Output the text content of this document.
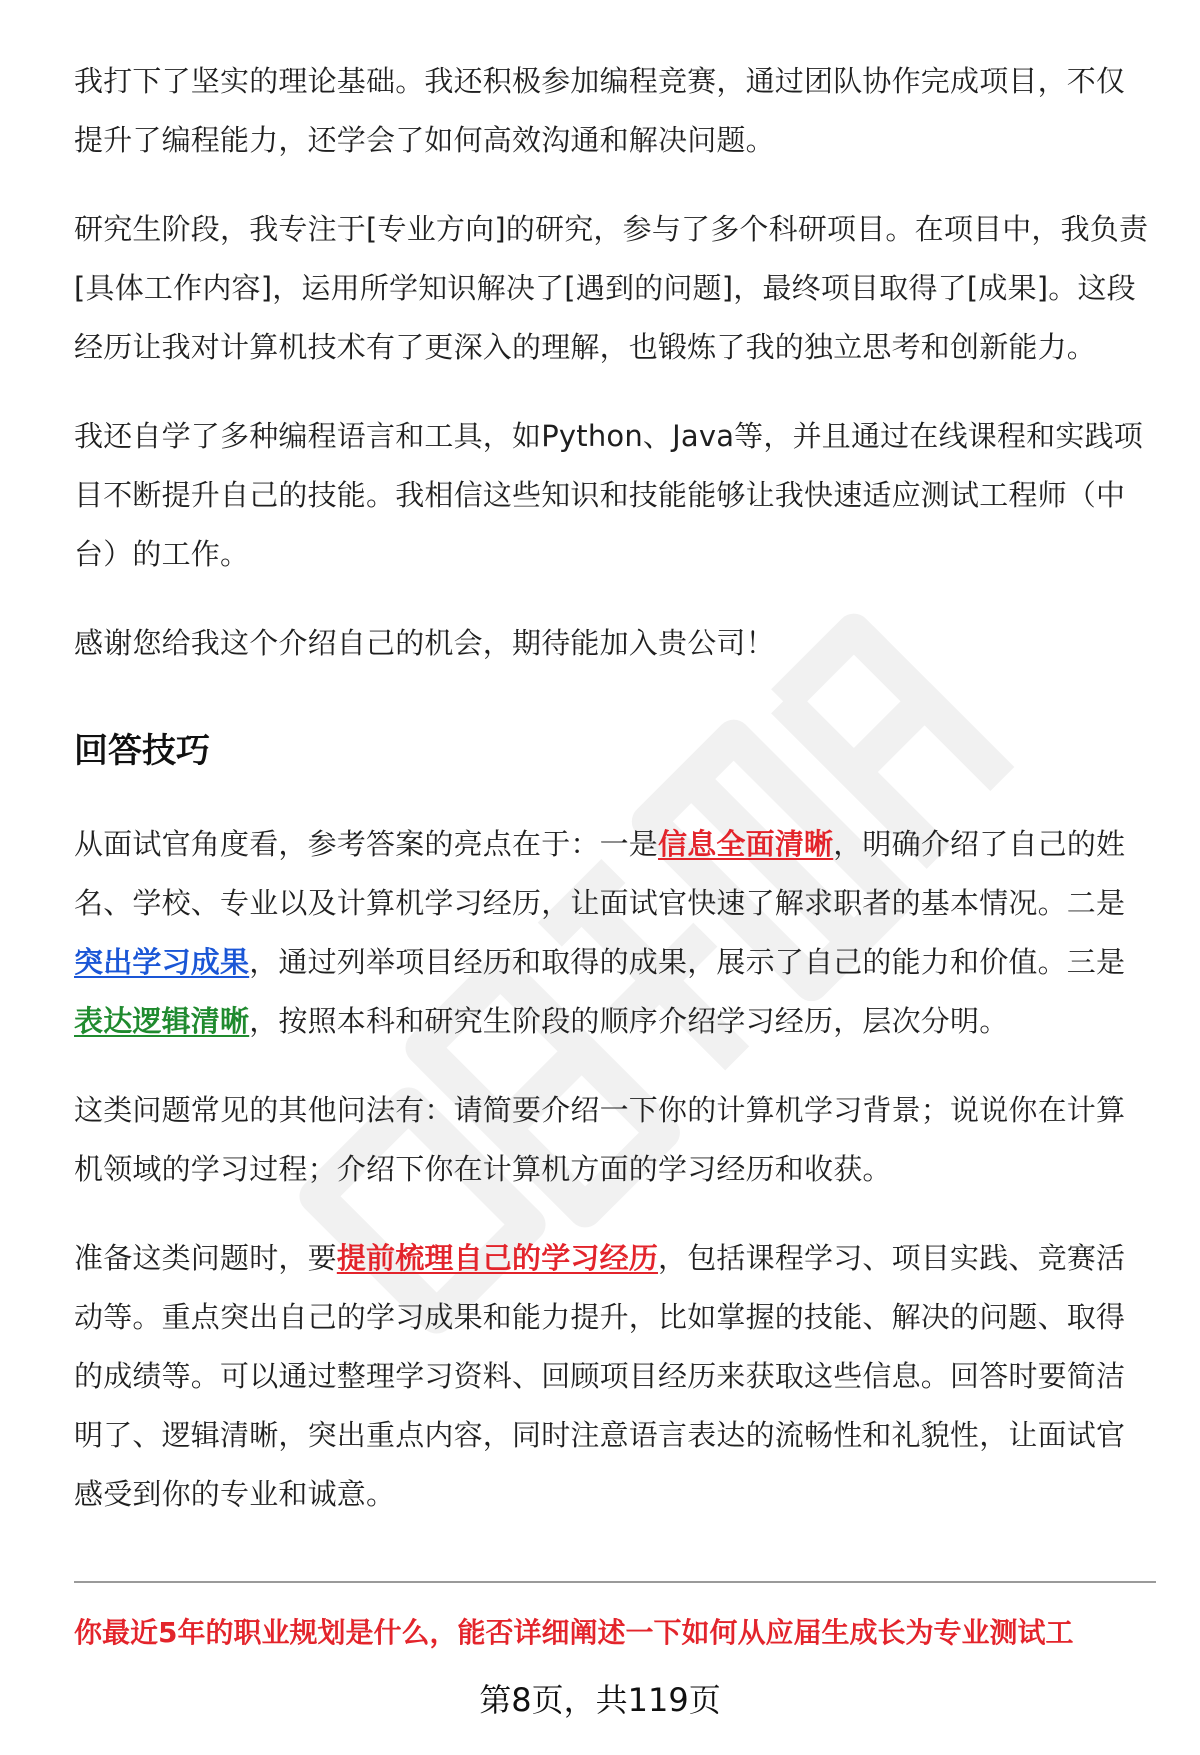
我打下了坚实的理论基础。我还积极参加编程竞赛，通过团队协作完成项目，不仅提升了编程能力，还学会了如何高效沟通和解决问题。

研究生阶段，我专注于[专业方向]的研究，参与了多个科研项目。在项目中，我负责[具体工作内容]，运用所学知识解决了[遇到的问题]，最终项目取得了[成果]。这段经历让我对计算机技术有了更深入的理解，也锻炼了我的独立思考和创新能力。

我还自学了多种编程语言和工具，如Python、Java等，并且通过在线课程和实践项目不断提升自己的技能。我相信这些知识和技能能够让我快速适应测试工程师（中台）的工作。

感谢您给我这个介绍自己的机会，期待能加入贵公司！

回答技巧

从面试官角度看，参考答案的亮点在于：一是信息全面清晰，明确介绍了自己的姓名、学校、专业以及计算机学习经历，让面试官快速了解求职者的基本情况。二是突出学习成果，通过列举项目经历和取得的成果，展示了自己的能力和价值。三是表达逻辑清晰，按照本科和研究生阶段的顺序介绍学习经历，层次分明。

这类问题常见的其他问法有：请简要介绍一下你的计算机学习背景；说说你在计算机领域的学习过程；介绍下你在计算机方面的学习经历和收获。

准备这类问题时，要提前梳理自己的学习经历，包括课程学习、项目实践、竞赛活动等。重点突出自己的学习成果和能力提升，比如掌握的技能、解决的问题、取得的成绩等。可以通过整理学习资料、回顾项目经历来获取这些信息。回答时要简洁明了、逻辑清晰，突出重点内容，同时注意语言表达的流畅性和礼貌性，让面试官感受到你的专业和诚意。

你最近5年的职业规划是什么，能否详细阐述一下如何从应届生成长为专业测试工
第8页，共119页
